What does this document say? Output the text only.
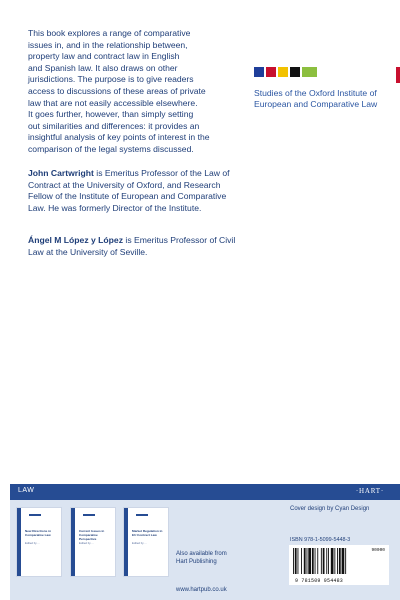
This book explores a range of comparative
issues in, and in the relationship between,
property law and contract law in English
and Spanish law. It also draws on other
jurisdictions. The purpose is to give readers
access to discussions of these areas of private
law that are not easily accessible elsewhere.
It goes further, however, than simply setting
out similarities and differences: it provides an
insightful analysis of key points of interest in the
comparison of the legal systems discussed.

John Cartwright is Emeritus Professor of the Law of Contract at the University of Oxford, and Research Fellow of the Institute of European and Comparative Law. He was formerly Director of the Institute.
Ángel M López y López is Emeritus Professor of Civil Law at the University of Seville.
Studies of the Oxford Institute of European and Comparative Law
LAW	·HART·
New Directions in Comparative Law
Edited by ...
Current Issues in Comparative Perspective
Edited by ...
Market Regulation in EU Contract Law
Edited by ...
Also available from
Hart Publishing
www.hartpub.co.uk
Cover design by Cyan Design
ISBN 978-1-5099-5448-3
90000
9 781509 954483
